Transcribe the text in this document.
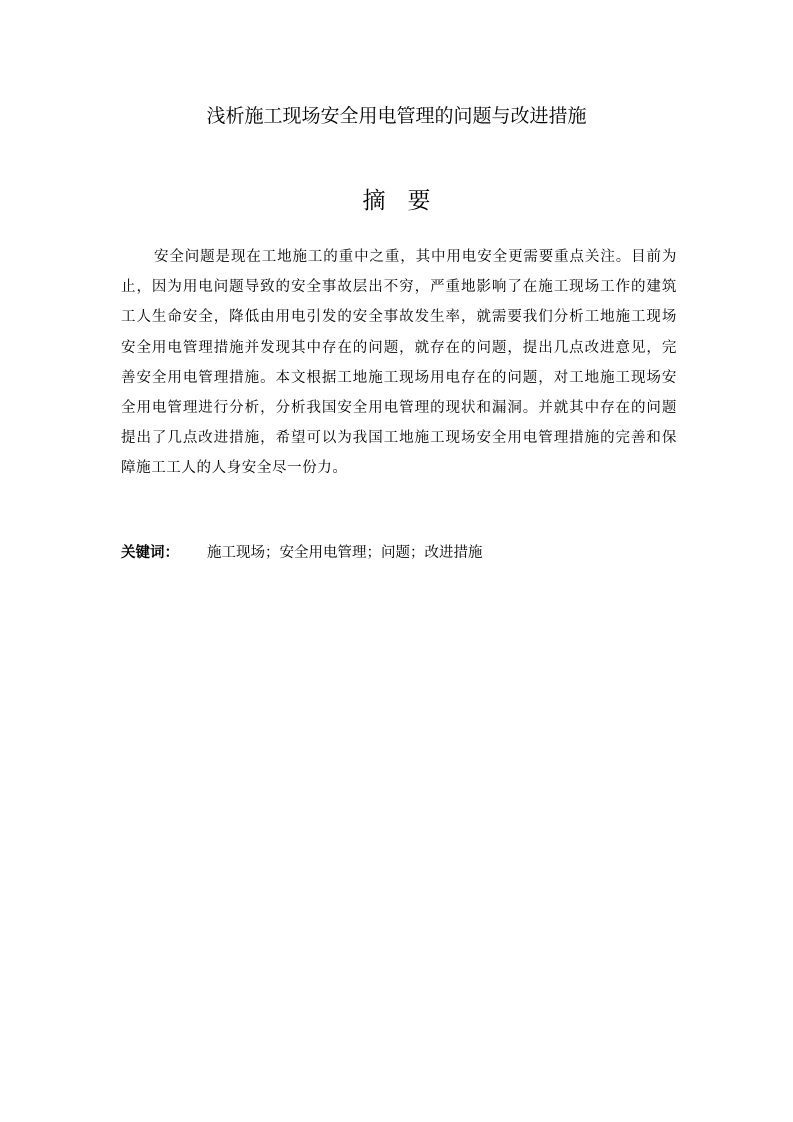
浅析施工现场安全用电管理的问题与改进措施
摘要

安全问题是现在工地施工的重中之重，其中用电安全更需要重点关注。目前为止，因为用电问题导致的安全事故层出不穷，严重地影响了在施工现场工作的建筑工人生命安全，降低由用电引发的安全事故发生率，就需要我们分析工地施工现场安全用电管理措施并发现其中存在的问题，就存在的问题，提出几点改进意见，完善安全用电管理措施。本文根据工地施工现场用电存在的问题，对工地施工现场安全用电管理进行分析，分析我国安全用电管理的现状和漏洞。并就其中存在的问题提出了几点改进措施，希望可以为我国工地施工现场安全用电管理措施的完善和保障施工工人的人身安全尽一份力。

关键词： 施工现场；安全用电管理；问题；改进措施
